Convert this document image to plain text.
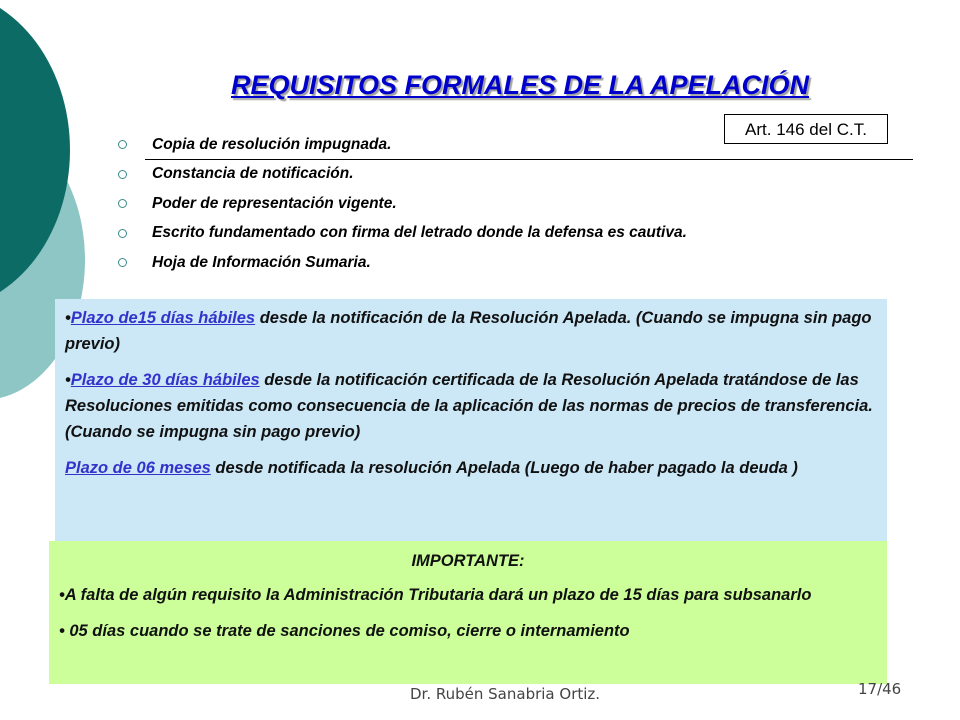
REQUISITOS FORMALES DE LA APELACIÓN
Art. 146 del C.T.
Copia de resolución impugnada.
Constancia de notificación.
Poder de representación vigente.
Escrito fundamentado con firma del letrado donde la defensa es cautiva.
Hoja de Información Sumaria.

•Plazo de15 días hábiles desde la notificación de la Resolución Apelada. (Cuando se impugna sin pago previo)

•Plazo de 30 días hábiles desde la notificación certificada de la Resolución Apelada tratándose de las Resoluciones emitidas como consecuencia de la aplicación de las normas de precios de transferencia. (Cuando se impugna sin pago previo)

Plazo de 06 meses desde notificada la resolución Apelada (Luego de haber pagado la deuda )

IMPORTANTE:

•A falta de algún requisito la Administración Tributaria dará un plazo de 15 días para subsanarlo

• 05 días cuando se trate de sanciones de comiso, cierre o internamiento

Dr. Rubén Sanabria Ortiz.	17/46
